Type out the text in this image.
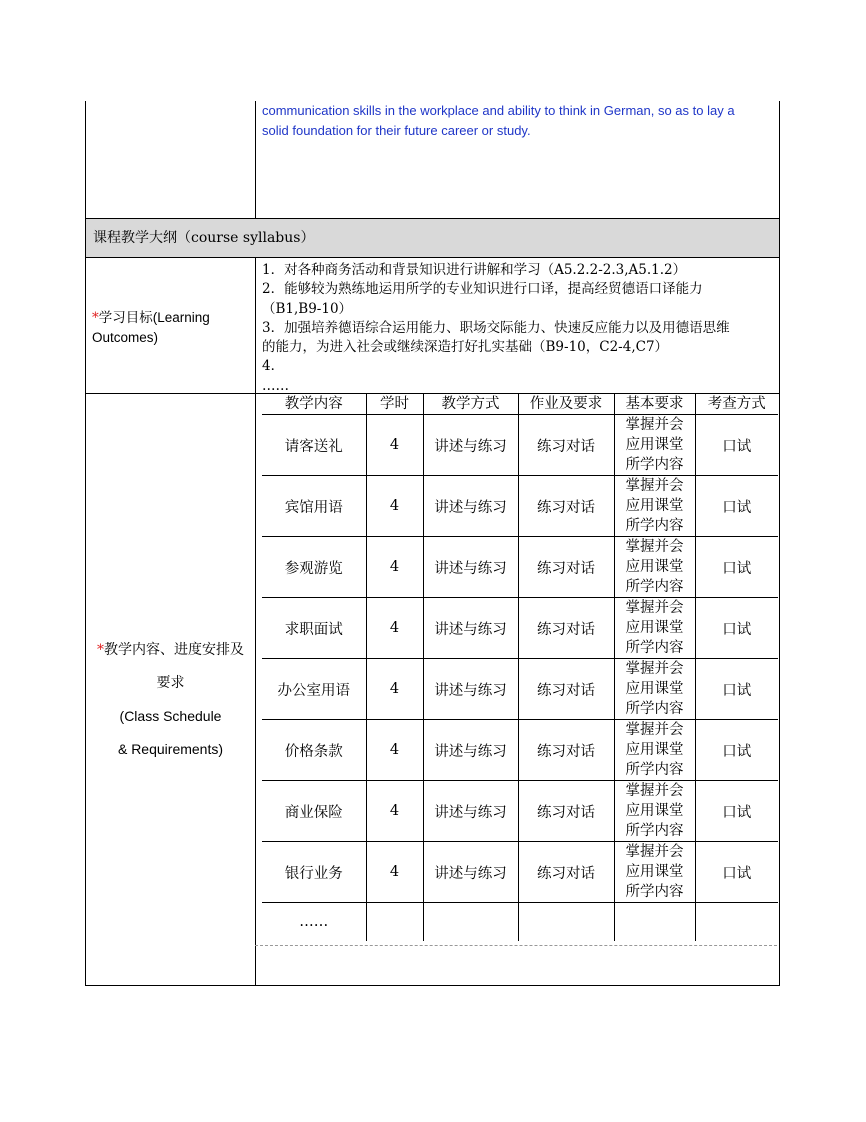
communication skills in the workplace and ability to think in German, so as to lay a
solid foundation for their future career or study.
课程教学大纲（course syllabus）
*学习目标(Learning
Outcomes)
1．对各种商务活动和背景知识进行讲解和学习（A5.2.2-2.3,A5.1.2）
2．能够较为熟练地运用所学的专业知识进行口译，提高经贸德语口译能力
（B1,B9-10）
3．加强培养德语综合运用能力、职场交际能力、快速反应能力以及用德语思维
的能力，为进入社会或继续深造打好扎实基础（B9-10，C2-4,C7）
4．
……
*教学内容、进度安排及
要求
(Class Schedule
& Requirements)
教学内容	学时	教学方式	作业及要求	基本要求	考查方式
请客送礼	4	讲述与练习	练习对话	掌握并会
应用课堂
所学内容	口试
宾馆用语	4	讲述与练习	练习对话	掌握并会
应用课堂
所学内容	口试
参观游览	4	讲述与练习	练习对话	掌握并会
应用课堂
所学内容	口试
求职面试	4	讲述与练习	练习对话	掌握并会
应用课堂
所学内容	口试
办公室用语	4	讲述与练习	练习对话	掌握并会
应用课堂
所学内容	口试
价格条款	4	讲述与练习	练习对话	掌握并会
应用课堂
所学内容	口试
商业保险	4	讲述与练习	练习对话	掌握并会
应用课堂
所学内容	口试
银行业务	4	讲述与练习	练习对话	掌握并会
应用课堂
所学内容	口试
……					
